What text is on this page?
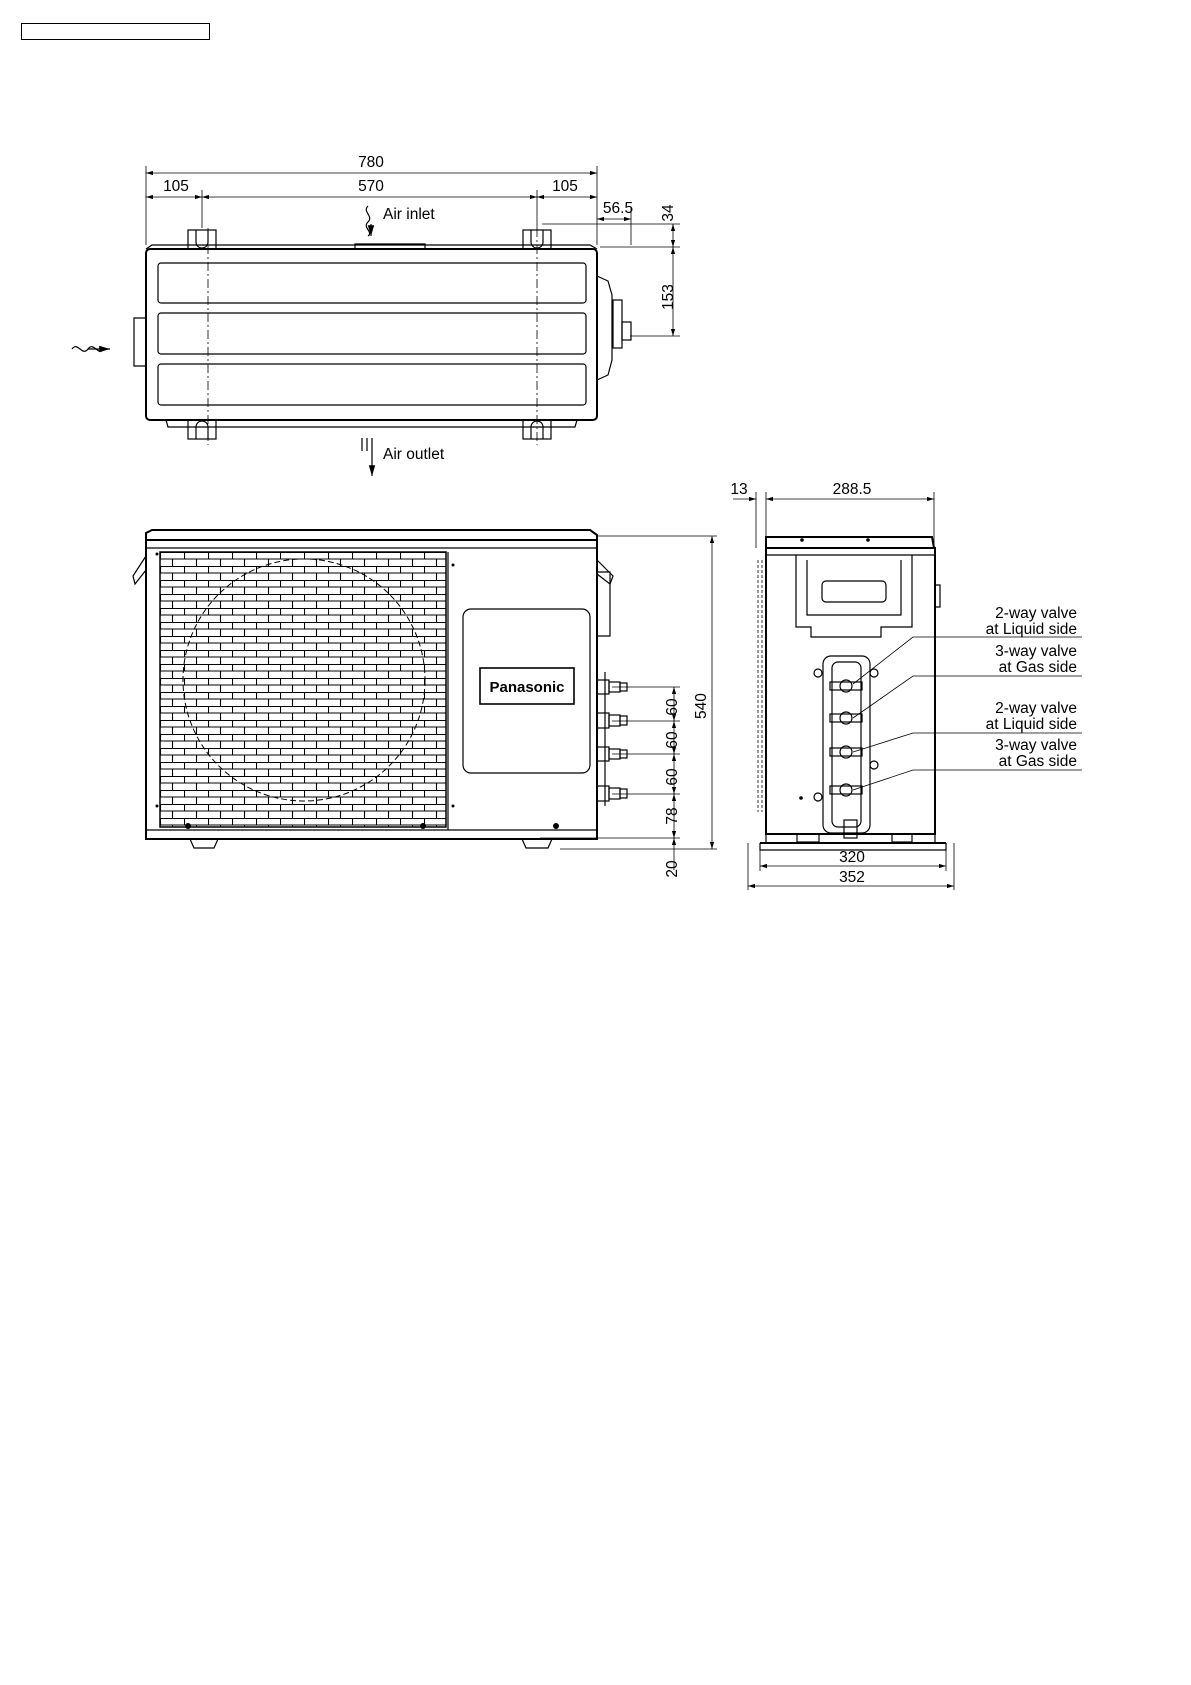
780
105	570	105
56.5 34
153
Air inlet
Air outlet
540
60
60
60
78
20
Panasonic
13	288.5
320
352
2-way valve
at Liquid side
3-way valve
at Gas side
2-way valve
at Liquid side
3-way valve
at Gas side
